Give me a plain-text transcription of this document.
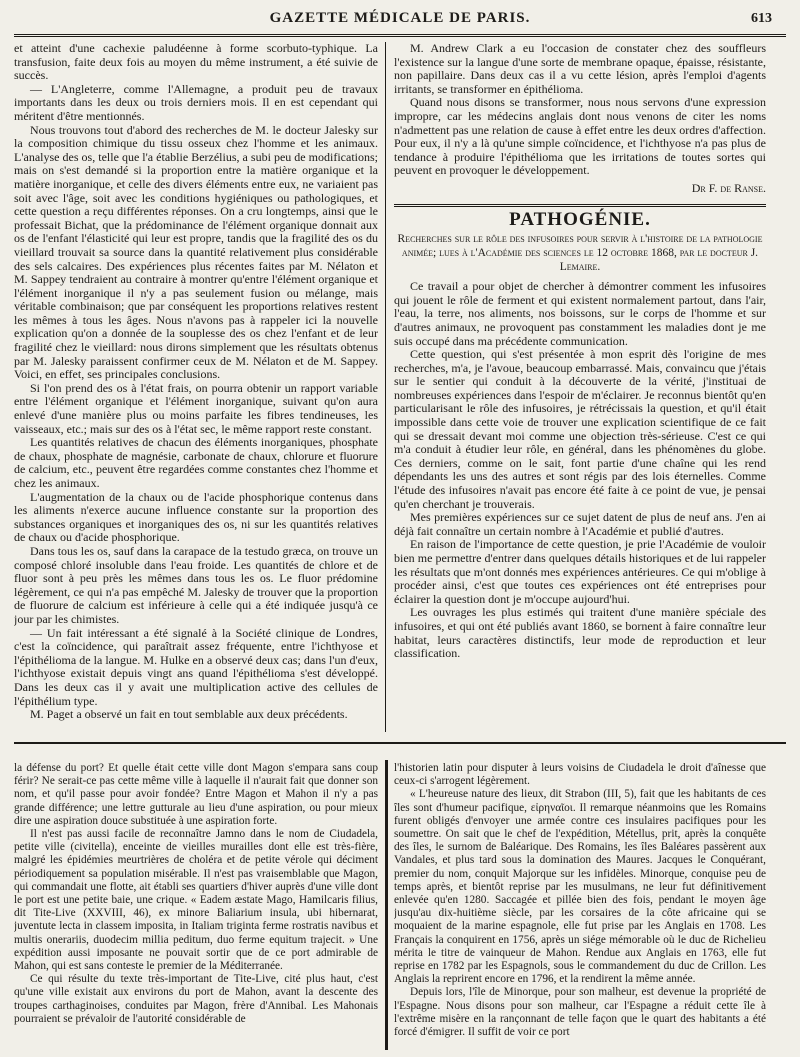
GAZETTE MÉDICALE DE PARIS.	613

et atteint d'une cachexie paludéenne à forme scorbuto-typhique. La transfusion, faite deux fois au moyen du même instrument, a été suivie de succès.

— L'Angleterre, comme l'Allemagne, a produit peu de travaux importants dans les deux ou trois derniers mois. Il en est cependant qui méritent d'être mentionnés.

Nous trouvons tout d'abord des recherches de M. le docteur Jalesky sur la composition chimique du tissu osseux chez l'homme et les animaux. L'analyse des os, telle que l'a établie Berzélius, a subi peu de modifications; mais on s'est demandé si la proportion entre la matière organique et la matière inorganique, et celle des divers éléments entre eux, ne variaient pas soit avec l'âge, soit avec les conditions hygiéniques ou pathologiques, et cette question a reçu différentes réponses. On a cru longtemps, ainsi que le professait Bichat, que la prédominance de l'élément organique donnait aux os de l'enfant l'élasticité qui leur est propre, tandis que la fragilité des os du vieillard trouvait sa source dans la quantité relativement plus considérable des sels calcaires. Des expériences plus récentes faites par M. Nélaton et M. Sappey tendraient au contraire à montrer qu'entre l'élément organique et l'élément inorganique il n'y a pas seulement fusion ou mélange, mais véritable combinaison; que par conséquent les proportions relatives restent les mêmes à tous les âges. Nous n'avons pas à rappeler ici la nouvelle explication qu'on a donnée de la souplesse des os chez l'enfant et de leur fragilité chez le vieillard: nous dirons simplement que les résultats obtenus par M. Jalesky paraissent confirmer ceux de M. Nélaton et de M. Sappey. Voici, en effet, ses principales conclusions.

Si l'on prend des os à l'état frais, on pourra obtenir un rapport variable entre l'élément organique et l'élément inorganique, suivant qu'on aura enlevé d'une manière plus ou moins parfaite les fibres tendineuses, les vaisseaux, etc.; mais sur des os à l'état sec, le même rapport reste constant.

Les quantités relatives de chacun des éléments inorganiques, phosphate de chaux, phosphate de magnésie, carbonate de chaux, chlorure et fluorure de calcium, etc., peuvent être regardées comme constantes chez l'homme et chez les animaux.

L'augmentation de la chaux ou de l'acide phosphorique contenus dans les aliments n'exerce aucune influence constante sur la proportion des substances organiques et inorganiques des os, ni sur les quantités relatives de chaux ou d'acide phosphorique.

Dans tous les os, sauf dans la carapace de la testudo græca, on trouve un composé chloré insoluble dans l'eau froide. Les quantités de chlore et de fluor sont à peu près les mêmes dans tous les os. Le fluor prédomine légèrement, ce qui n'a pas empêché M. Jalesky de trouver que la proportion de fluorure de calcium est inférieure à celle qui a été indiquée jusqu'à ce jour par les chimistes.

— Un fait intéressant a été signalé à la Société clinique de Londres, c'est la coïncidence, qui paraîtrait assez fréquente, entre l'ichthyose et l'épithélioma de la langue. M. Hulke en a observé deux cas; dans l'un d'eux, l'ichthyose existait depuis vingt ans quand l'épithélioma s'est développé. Dans les deux cas il y avait une multiplication active des cellules de l'épithélium type.

M. Paget a observé un fait en tout semblable aux deux précédents.

M. Andrew Clark a eu l'occasion de constater chez des souffleurs l'existence sur la langue d'une sorte de membrane opaque, épaisse, résistante, non papillaire. Dans deux cas il a vu cette lésion, après l'emploi d'agents irritants, se transformer en épithélioma.

Quand nous disons se transformer, nous nous servons d'une expression impropre, car les médecins anglais dont nous venons de citer les noms n'admettent pas une relation de cause à effet entre les deux ordres d'affection. Pour eux, il n'y a là qu'une simple coïncidence, et l'ichthyose n'a pas plus de tendance à produire l'épithélioma que les irritations de toutes sortes qui peuvent en provoquer le développement.

Dr F. de Ranse.
PATHOGÉNIE.
Recherches sur le rôle des infusoires pour servir à l'histoire de la pathologie animée; lues à l'Académie des sciences le 12 octobre 1868, par le docteur J. Lemaire.

Ce travail a pour objet de chercher à démontrer comment les infusoires qui jouent le rôle de ferment et qui existent normalement partout, dans l'air, l'eau, la terre, nos aliments, nos boissons, sur le corps de l'homme et sur d'autres animaux, ne provoquent pas constamment les maladies dont je me suis occupé dans ma précédente communication.

Cette question, qui s'est présentée à mon esprit dès l'origine de mes recherches, m'a, je l'avoue, beaucoup embarrassé. Mais, convaincu que j'étais sur le sentier qui conduit à la découverte de la vérité, j'instituai de nombreuses expériences dans l'espoir de m'éclairer. Je reconnus bientôt qu'en particularisant le rôle des infusoires, je rétrécissais la question, et qu'il était impossible dans cette voie de trouver une explication scientifique de ce fait qui se dressait devant moi comme une objection très-sérieuse. C'est ce qui m'a conduit à étudier leur rôle, en général, dans les phénomènes du globe. Ces derniers, comme on le sait, font partie d'une chaîne qui les rend dépendants les uns des autres et sont régis par des lois éternelles. Comme l'étude des infusoires n'avait pas encore été faite à ce point de vue, je pensai qu'en cherchant je trouverais.

Mes premières expériences sur ce sujet datent de plus de neuf ans. J'en ai déjà fait connaître un certain nombre à l'Académie et publié d'autres.

En raison de l'importance de cette question, je prie l'Académie de vouloir bien me permettre d'entrer dans quelques détails historiques et de lui rappeler les résultats que m'ont donnés mes expériences antérieures. Ce qui m'oblige à procéder ainsi, c'est que toutes ces expériences ont été entreprises pour éclairer la question dont je m'occupe aujourd'hui.

Les ouvrages les plus estimés qui traitent d'une manière spéciale des infusoires, et qui ont été publiés avant 1860, se bornent à faire connaître leur habitat, leurs caractères distinctifs, leur mode de reproduction et leur classification.

la défense du port? Et quelle était cette ville dont Magon s'empara sans coup férir? Ne serait-ce pas cette même ville à laquelle il n'aurait fait que donner son nom, et qu'il passe pour avoir fondée? Entre Magon et Mahon il n'y a pas grande différence; une lettre gutturale au lieu d'une aspiration, ou pour mieux dire une aspiration douce substituée à une aspiration forte.

Il n'est pas aussi facile de reconnaître Jamno dans le nom de Ciudadela, petite ville (civitella), enceinte de vieilles murailles dont elle est très-fière, malgré les épidémies meurtrières de choléra et de petite vérole qui déciment périodiquement sa population misérable. Il n'est pas vraisemblable que Magon, qui commandait une flotte, ait établi ses quartiers d'hiver auprès d'une ville dont le port est une petite baie, une crique. « Eadem æstate Mago, Hamilcaris filius, dit Tite-Live (XXVIII, 46), ex minore Baliarium insula, ubi hibernarat, juventute lecta in classem imposita, in Italiam triginta ferme rostratis navibus et multis onerariis, duodecim millia peditum, duo ferme equitum trajecit. » Une expédition aussi imposante ne pouvait sortir que de ce port admirable de Mahon, qui est sans conteste le premier de la Méditerranée.

Ce qui résulte du texte très-important de Tite-Live, cité plus haut, c'est qu'une ville existait aux environs du port de Mahon, avant la descente des troupes carthaginoises, conduites par Magon, frère d'Annibal. Les Mahonais pourraient se prévaloir de l'autorité considérable de

l'historien latin pour disputer à leurs voisins de Ciudadela le droit d'aînesse que ceux-ci s'arrogent légèrement.

« L'heureuse nature des lieux, dit Strabon (III, 5), fait que les habitants de ces îles sont d'humeur pacifique, εἰρηναῖοι. Il remarque néanmoins que les Romains furent obligés d'envoyer une armée contre ces insulaires pacifiques pour les soumettre. On sait que le chef de l'expédition, Métellus, prit, après la conquête des îles, le surnom de Baléarique. Des Romains, les îles Baléares passèrent aux Vandales, et plus tard sous la domination des Maures. Jacques le Conquérant, premier du nom, conquit Majorque sur les infidèles. Minorque, conquise peu de temps après, et bientôt reprise par les musulmans, ne leur fut définitivement enlevée qu'en 1280. Saccagée et pillée bien des fois, pendant le moyen âge jusqu'au dix-huitième siècle, par les corsaires de la côte africaine qui se moquaient de la marine espagnole, elle fut prise par les Anglais en 1708. Les Français la conquirent en 1756, après un siége mémorable où le duc de Richelieu mérita le titre de vainqueur de Mahon. Rendue aux Anglais en 1763, elle fut reprise en 1782 par les Espagnols, sous le commandement du duc de Crillon. Les Anglais la reprirent encore en 1796, et la rendirent la même année.

Depuis lors, l'île de Minorque, pour son malheur, est devenue la propriété de l'Espagne. Nous disons pour son malheur, car l'Espagne a réduit cette île à l'extrême misère en la rançonnant de telle façon que le quart des habitants a été forcé d'émigrer. Il suffit de voir ce port
